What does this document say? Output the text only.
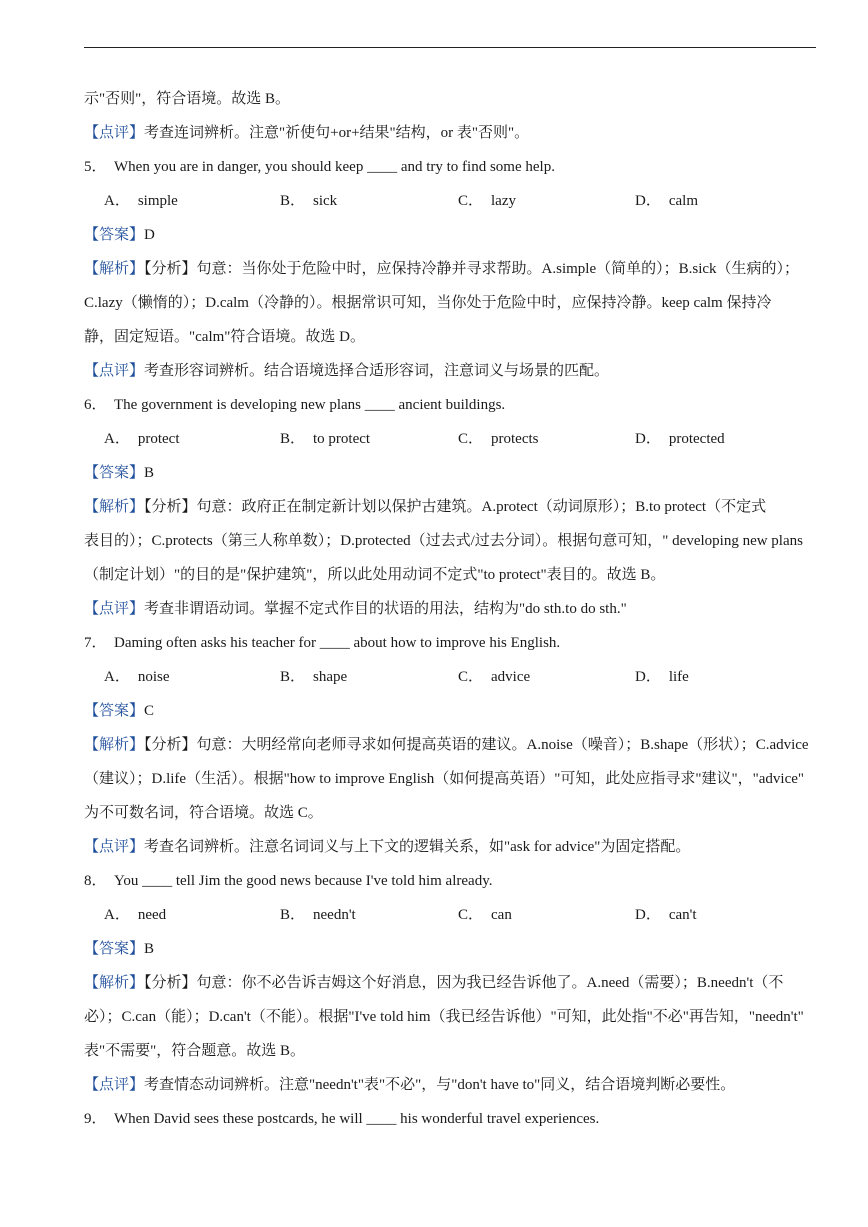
示"否则"，符合语境。故选 B。
【点评】考查连词辨析。注意"祈使句+or+结果"结构，or 表"否则"。
5． When you are in danger, you should keep ____ and try to find some help.
A． simple	B． sick	C． lazy	D． calm
【答案】D
【解析】【分析】句意：当你处于危险中时，应保持冷静并寻求帮助。A.simple（简单的）；B.sick（生病的）；
C.lazy（懒惰的）；D.calm（冷静的）。根据常识可知，当你处于危险中时，应保持冷静。keep calm 保持冷
静，固定短语。"calm"符合语境。故选 D。
【点评】考查形容词辨析。结合语境选择合适形容词，注意词义与场景的匹配。
6． The government is developing new plans ____ ancient buildings.
A． protect	B． to protect	C． protects	D． protected
【答案】B
【解析】【分析】句意：政府正在制定新计划以保护古建筑。A.protect（动词原形）；B.to protect（不定式
表目的）；C.protects（第三人称单数）；D.protected（过去式/过去分词）。根据句意可知，" developing new plans
（制定计划）"的目的是"保护建筑"，所以此处用动词不定式"to protect"表目的。故选 B。
【点评】考查非谓语动词。掌握不定式作目的状语的用法，结构为"do sth.to do sth."
7． Daming often asks his teacher for ____ about how to improve his English.
A． noise	B． shape	C． advice	D． life
【答案】C
【解析】【分析】句意：大明经常向老师寻求如何提高英语的建议。A.noise（噪音）；B.shape（形状）；C.advice
（建议）；D.life（生活）。根据"how to improve English（如何提高英语）"可知，此处应指寻求"建议"，"advice"
为不可数名词，符合语境。故选 C。
【点评】考查名词辨析。注意名词词义与上下文的逻辑关系，如"ask for advice"为固定搭配。
8． You ____ tell Jim the good news because I've told him already.
A． need	B． needn't	C． can	D． can't
【答案】B
【解析】【分析】句意：你不必告诉吉姆这个好消息，因为我已经告诉他了。A.need（需要）；B.needn't（不
必）；C.can（能）；D.can't（不能）。根据"I've told him（我已经告诉他）"可知，此处指"不必"再告知，"needn't"
表"不需要"，符合题意。故选 B。
【点评】考查情态动词辨析。注意"needn't"表"不必"，与"don't have to"同义，结合语境判断必要性。
9． When David sees these postcards, he will ____ his wonderful travel experiences.
